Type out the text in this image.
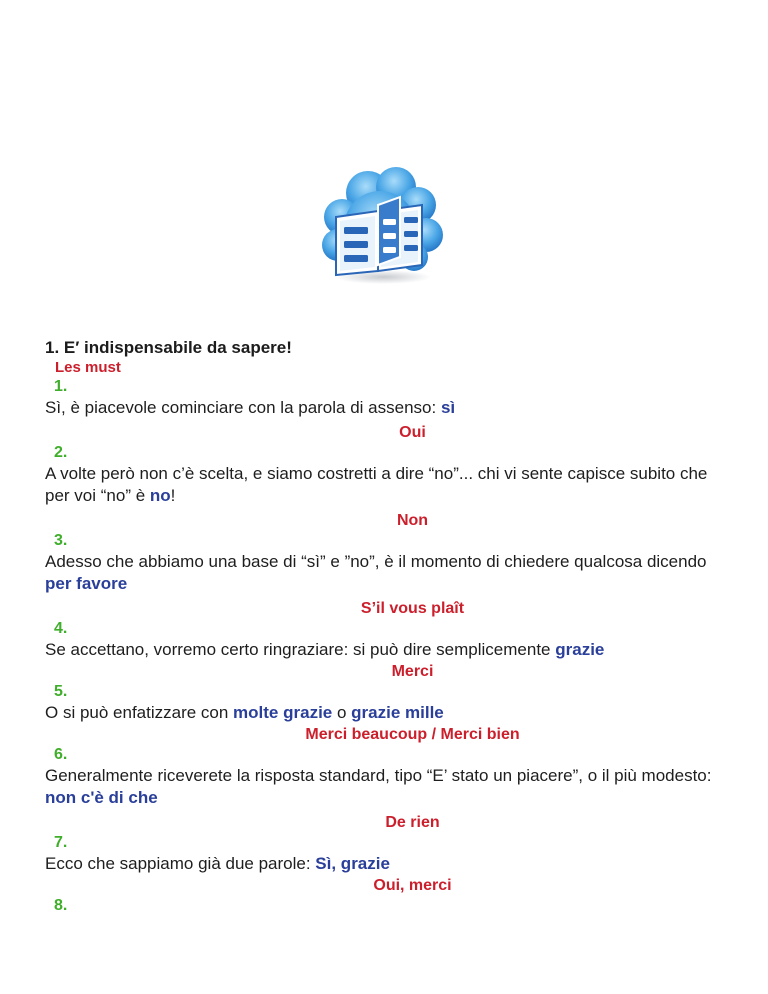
1. E′ indispensabile da sapere!
Les must
1.
Sì, è piacevole cominciare con la parola di assenso: sì
Oui
2.
A volte però non c’è scelta, e siamo costretti a dire “no”... chi vi sente capisce subito che per voi “no” è no!
Non
3.
Adesso che abbiamo una base di “sì” e ”no”, è il momento di chiedere qualcosa dicendo per favore
S’il vous plaît
4.
Se accettano, vorremo certo ringraziare: si può dire semplicemente grazie
Merci
5.
O si può enfatizzare con molte grazie o grazie mille
Merci beaucoup / Merci bien
6.
Generalmente riceverete la risposta standard, tipo “E’ stato un piacere”, o il più modesto: non c'è di che
De rien
7.
Ecco che sappiamo già due parole: Sì, grazie
Oui, merci
8.
